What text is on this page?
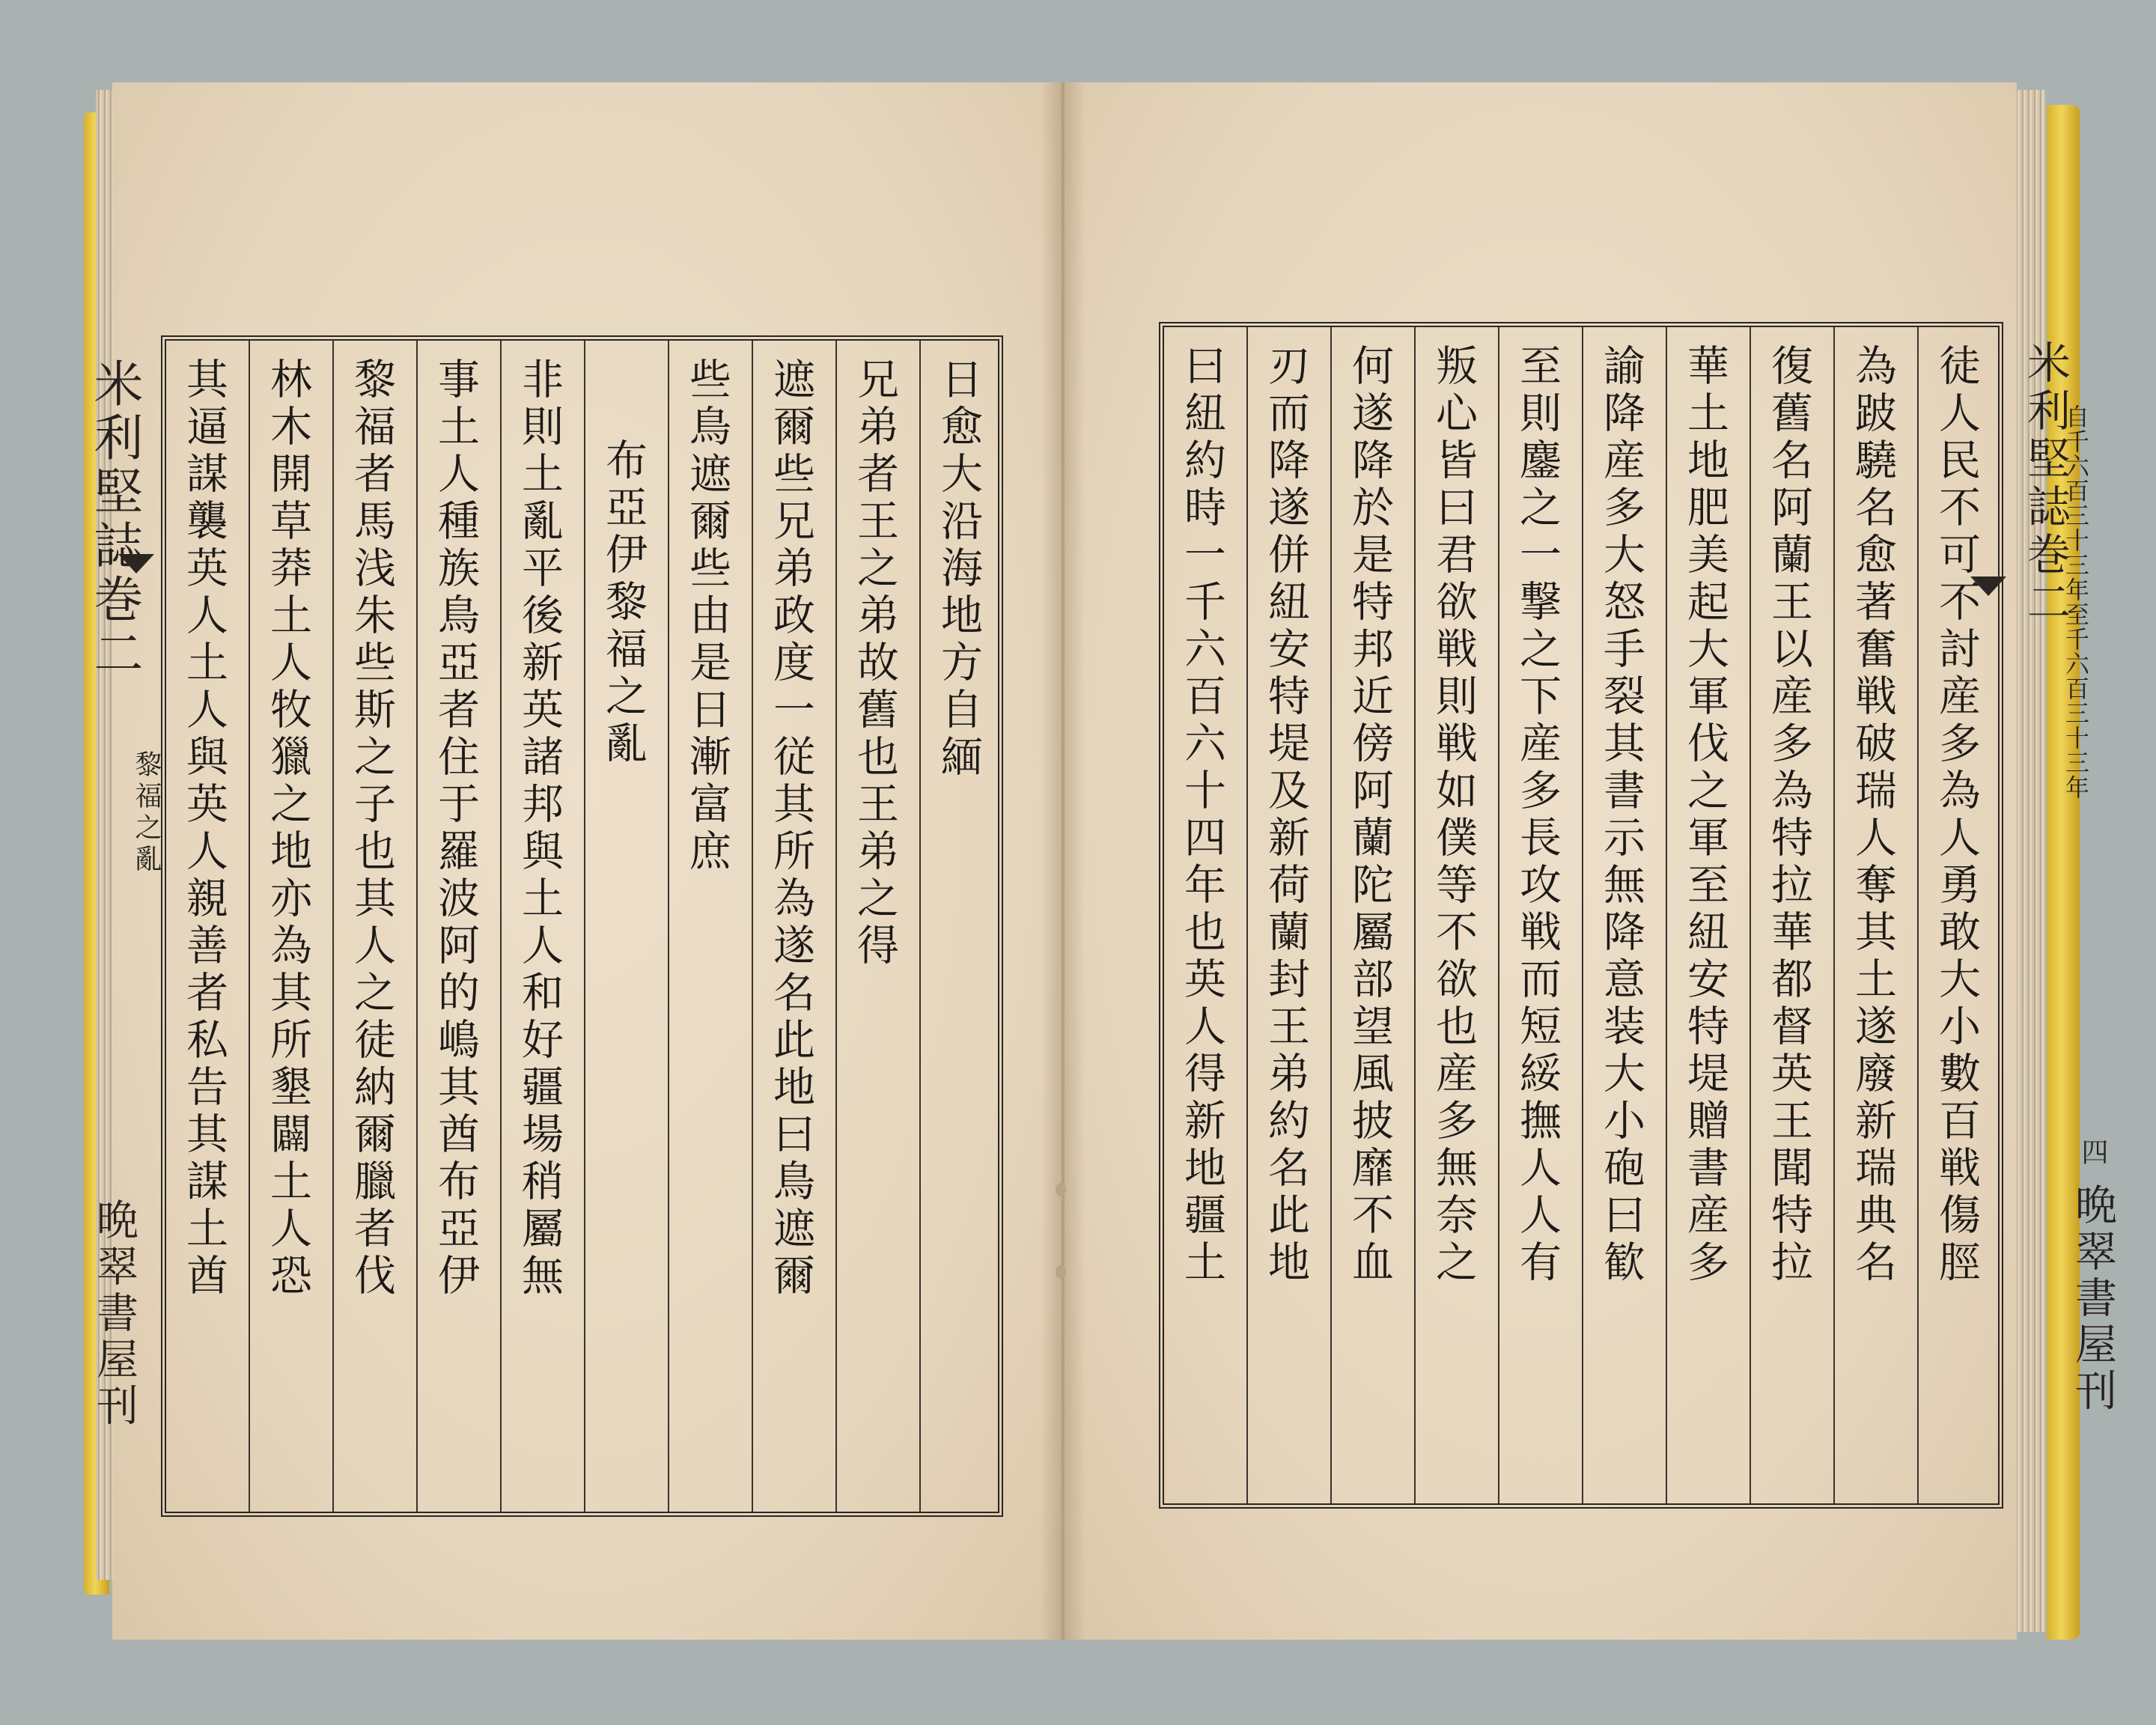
米利堅誌巻二
黎福之亂
晩翠書屋刊
其逼謀襲英人土人與英人親善者私告其謀土酋 林木開草莽土人牧獵之地亦為其所墾闢土人恐 黎福者馬浅朱些斯之子也其人之徒納爾臘者伐 事土人種族鳥亞者住于羅波阿的嶋其酋布亞伊 非則土亂平後新英諸邦與土人和好疆場稍屬無 布亞伊黎福之亂 些鳥遮爾些由是日漸富庶 遮爾些兄弟政度一従其所為遂名此地曰鳥遮爾 兄弟者王之弟故舊也王弟之得 日愈大沿海地方自緬	米利堅誌巻二
自千六百三十三年至千六百三十三年
四
晩翠書屋刊
曰紐約時一千六百六十四年也英人得新地疆土 刃而降遂併紐安特堤及新荷蘭封王弟約名此地 何遂降於是特邦近傍阿蘭陀屬部望風披靡不血 叛心皆曰君欲戦則戦如僕等不欲也産多無奈之 至則鏖之一撃之下産多長攻戦而短綏撫人人有 諭降産多大怒手裂其書示無降意装大小砲曰歓 華土地肥美起大軍伐之軍至紐安特堤贈書産多 復舊名阿蘭王以産多為特拉華都督英王聞特拉 為跛驍名愈著奮戦破瑞人奪其土遂廢新瑞典名 徒人民不可不討産多為人勇敢大小數百戦傷脛
